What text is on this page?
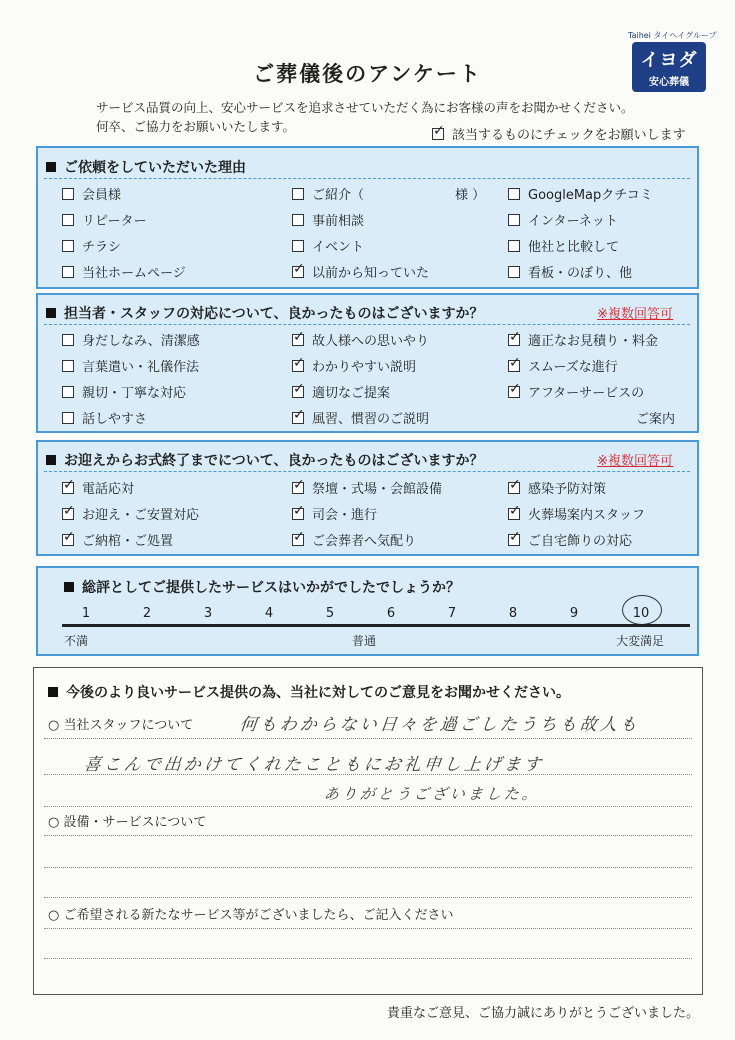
Taihei タイヘイグループ
イヨダ
安心葬儀
ご葬儀後のアンケート
サービス品質の向上、安心サービスを追求させていただく為にお客様の声をお聞かせください。
何卒、ご協力をお願いいたします。
✓該当するものにチェックをお願いします
ご依頼をしていただいた理由
会員様	ご紹介（　　　　　　　様 ）	GoogleMapクチコミ
リピーター	事前相談	インターネット
チラシ	イベント	他社と比較して
当社ホームページ ✓	以前から知っていた	看板・のぼり、他
担当者・スタッフの対応について、良かったものはございますか？	※複数回答可
身だしなみ、清潔感 ✓	故人様への思いやり ✓	適正なお見積り・料金
言葉遣い・礼儀作法 ✓	わかりやすい説明 ✓	スムーズな進行
親切・丁寧な対応 ✓	適切なご提案 ✓	アフターサービスの
話しやすさ ✓	風習、慣習のご説明	ご案内
お迎えからお式終了までについて、良かったものはございますか？	※複数回答可
✓電話応対 ✓	祭壇・式場・会館設備 ✓	感染予防対策
✓お迎え・ご安置対応 ✓	司会・進行 ✓	火葬場案内スタッフ
✓ご納棺・ご処置 ✓	ご会葬者へ気配り ✓	ご自宅飾りの対応
総評としてご提供したサービスはいかがでしたでしょうか？
1	2	3	4	5	6	7	8	9	10
不満	普通	大変満足
今後のより良いサービス提供の為、当社に対してのご意見をお聞かせください。
○ 当社スタッフについて	何もわからない日々を過ごしたうちも故人も
喜こんで出かけてくれたこともにお礼申し上げます
ありがとうございました。
○ 設備・サービスについて
○ ご希望される新たなサービス等がございましたら、ご記入ください
貴重なご意見、ご協力誠にありがとうございました。
